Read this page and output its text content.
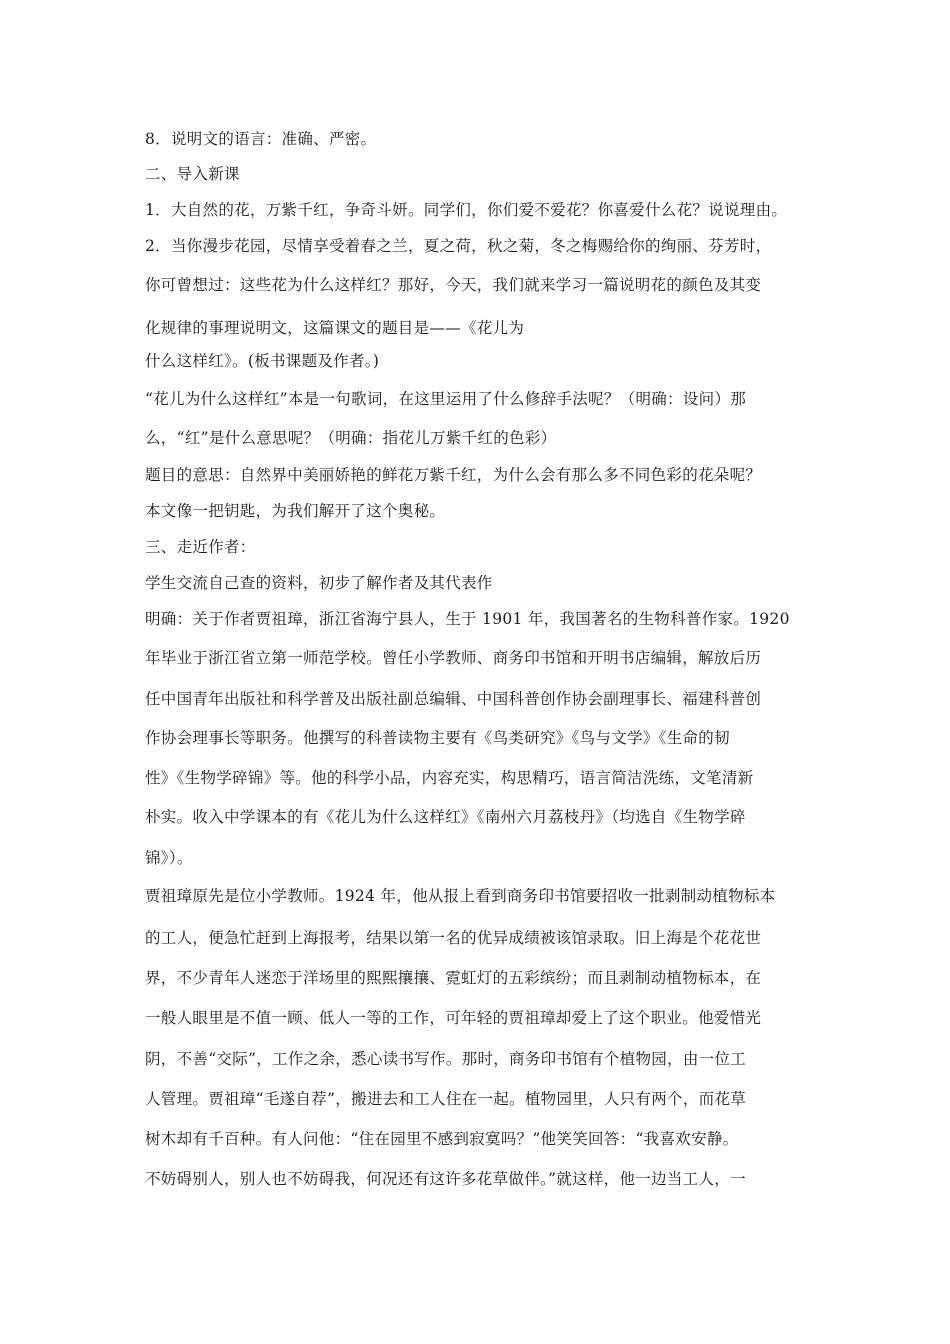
8．说明文的语言：准确、严密。
二、导入新课
1．大自然的花，万紫千红，争奇斗妍。同学们，你们爱不爱花？你喜爱什么花？说说理由。
2．当你漫步花园，尽情享受着春之兰，夏之荷，秋之菊，冬之梅赐给你的绚丽、芬芳时，
你可曾想过：这些花为什么这样红？那好，今天，我们就来学习一篇说明花的颜色及其变
化规律的事理说明文，这篇课文的题目是——《花儿为
什么这样红》。(板书课题及作者。)
“花儿为什么这样红”本是一句歌词，在这里运用了什么修辞手法呢？（明确：设问）那
么，“红”是什么意思呢？（明确：指花儿万紫千红的色彩）
题目的意思：自然界中美丽娇艳的鲜花万紫千红，为什么会有那么多不同色彩的花朵呢？
本文像一把钥匙，为我们解开了这个奥秘。
三、走近作者：
学生交流自己查的资料，初步了解作者及其代表作
明确：关于作者贾祖璋，浙江省海宁县人，生于 1901 年，我国著名的生物科普作家。1920
年毕业于浙江省立第一师范学校。曾任小学教师、商务印书馆和开明书店编辑，解放后历
任中国青年出版社和科学普及出版社副总编辑、中国科普创作协会副理事长、福建科普创
作协会理事长等职务。他撰写的科普读物主要有《鸟类研究》《鸟与文学》《生命的韧
性》《生物学碎锦》等。他的科学小品，内容充实，构思精巧，语言简洁洗练，文笔清新
朴实。收入中学课本的有《花儿为什么这样红》《南州六月荔枝丹》（均选自《生物学碎
锦》）。
贾祖璋原先是位小学教师。1924 年，他从报上看到商务印书馆要招收一批剥制动植物标本
的工人，便急忙赶到上海报考，结果以第一名的优异成绩被该馆录取。旧上海是个花花世
界，不少青年人迷恋于洋场里的熙熙攘攘、霓虹灯的五彩缤纷；而且剥制动植物标本，在
一般人眼里是不值一顾、低人一等的工作，可年轻的贾祖璋却爱上了这个职业。他爱惜光
阴，不善“交际”，工作之余，悉心读书写作。那时，商务印书馆有个植物园，由一位工
人管理。贾祖璋“毛遂自荐”，搬进去和工人住在一起。植物园里，人只有两个，而花草
树木却有千百种。有人问他：“住在园里不感到寂寞吗？”他笑笑回答：“我喜欢安静。
不妨碍别人，别人也不妨碍我，何况还有这许多花草做伴。”就这样，他一边当工人，一
